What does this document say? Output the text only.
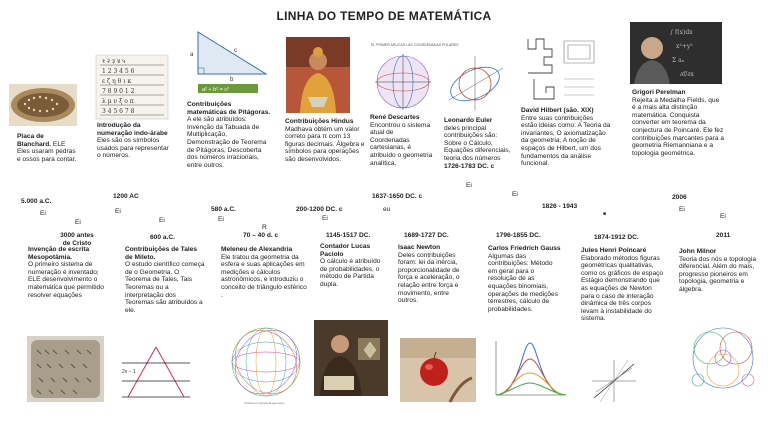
LINHA DO TEMPO DE MATEMÁTICA
१ २ ३ ४ ५
1 2 3 4 5 6
ε ζ η θ ι κ
7 8 9 0 1 2
λ μ ν ξ ο π
3 4 5 6 7 8
a
b
c
a² + b² = c²
EL PRIMER APUCAR LAS COORDENADAS POLARES
∫ f(x)dx
x²+y²
Σ aₙ
∂f/∂x
Placa de Blanchard. ELE Eles usaram pedras e ossos para contar.
5.000 a.C.
Introdução da numeração indo-árabe Eles são os símbolos usados para representar o números.
1200 AC
Contribuições matemáticas de Pitágoras. A ele são atribuídos: Invenção da Tabuada de Multiplicação, Demonstração de Teorema de Pitágoras, Descoberta dos números irracionais, entre outros.
580 a.C.
Contribuições Hindus
Madhava obtém um valor correto para π com 13 figuras decimais. Álgebra e símbolos para operações são desenvolvidos.
200-1200 DC. c
René Descartes
Encontrou o sistema atual de Coordenadas cartesianas, é atribuído o geometria analítica.
1637-1650 DC. c
Leonardo Euler
deles principal contribuições são: Sobre o Cálculo, Equações diferenciais, teoria dos números
1726-1783 DC. c
David Hilbert (são. XIX)
Entre suas contribuições estão ideias como: A Teoria da invariantes, O axiomatização da geometria, A noção de espaços de Hilbert, um dos fundamentos da análise funcional.
1826 - 1943
Grigori Perelman
Rejeita a Medalha Fields, que é a mais alta distinção matemática. Conquista converter em teorema da conjectura de Poincaré. Ele fez contribuições marcantes para a geometria Riemanniana e a topologia geométrica.
2006
Ei
Ei
Ei
Ei	Ei
R
Ei
eu
Ei
Ei
■
Ei
Ei
3000 antes de Cristo
Invenção de escrita Mesopotâmia.
O primeiro sistema de numeração é inventado; ELE desenvolvimento o matemática que permitido resolver equações
600 a.C.
Contribuições de Tales de Mileto.
O estudo científico começa de o Geometria. O Teorema de Tales, Tais Teoremas ou a interpretação dos Teoremas são atribuídos a ele.
70 – 40 d. c
Meleneu de Alexandria
Ele tratou da geometria da esfera e suas aplicações em medições e cálculos astronômicos, e introduziu o conceito de triângulo esférico .
1145-1517 DC.
Contador Lucas Paciolo
O cálculo é atribuído de probabilidades, o método de Partida dupla.
1689-1727 DC.
Isaac Newton
Deles contribuições foram: lei da inércia, proporcionalidade de força e aceleração, o relação entre força e movimento, entre outros.
1796-1855 DC.
Carlos Friedrich Gauss
Algumas das contribuições: Método em geral para o resolução de as equações binomiais, operações de medições terrestres, cálculo de probabilidades.
1874-1912 DC.
Jules Henri Poincaré
Elaborado métodos figuras geométricas qualitativas, como os gráficos de espaço Estágio demonstrando que as equações de Newton para o caso de interação dinâmica de três corpos levam à instabilidade do sistema.
2011
John Milnor
Teoria dos nós e topologia diferencial. Além do mais, progresso pioneiros em topologia, geometria e álgebra.
2x − 1
Classroom spherical geometry
